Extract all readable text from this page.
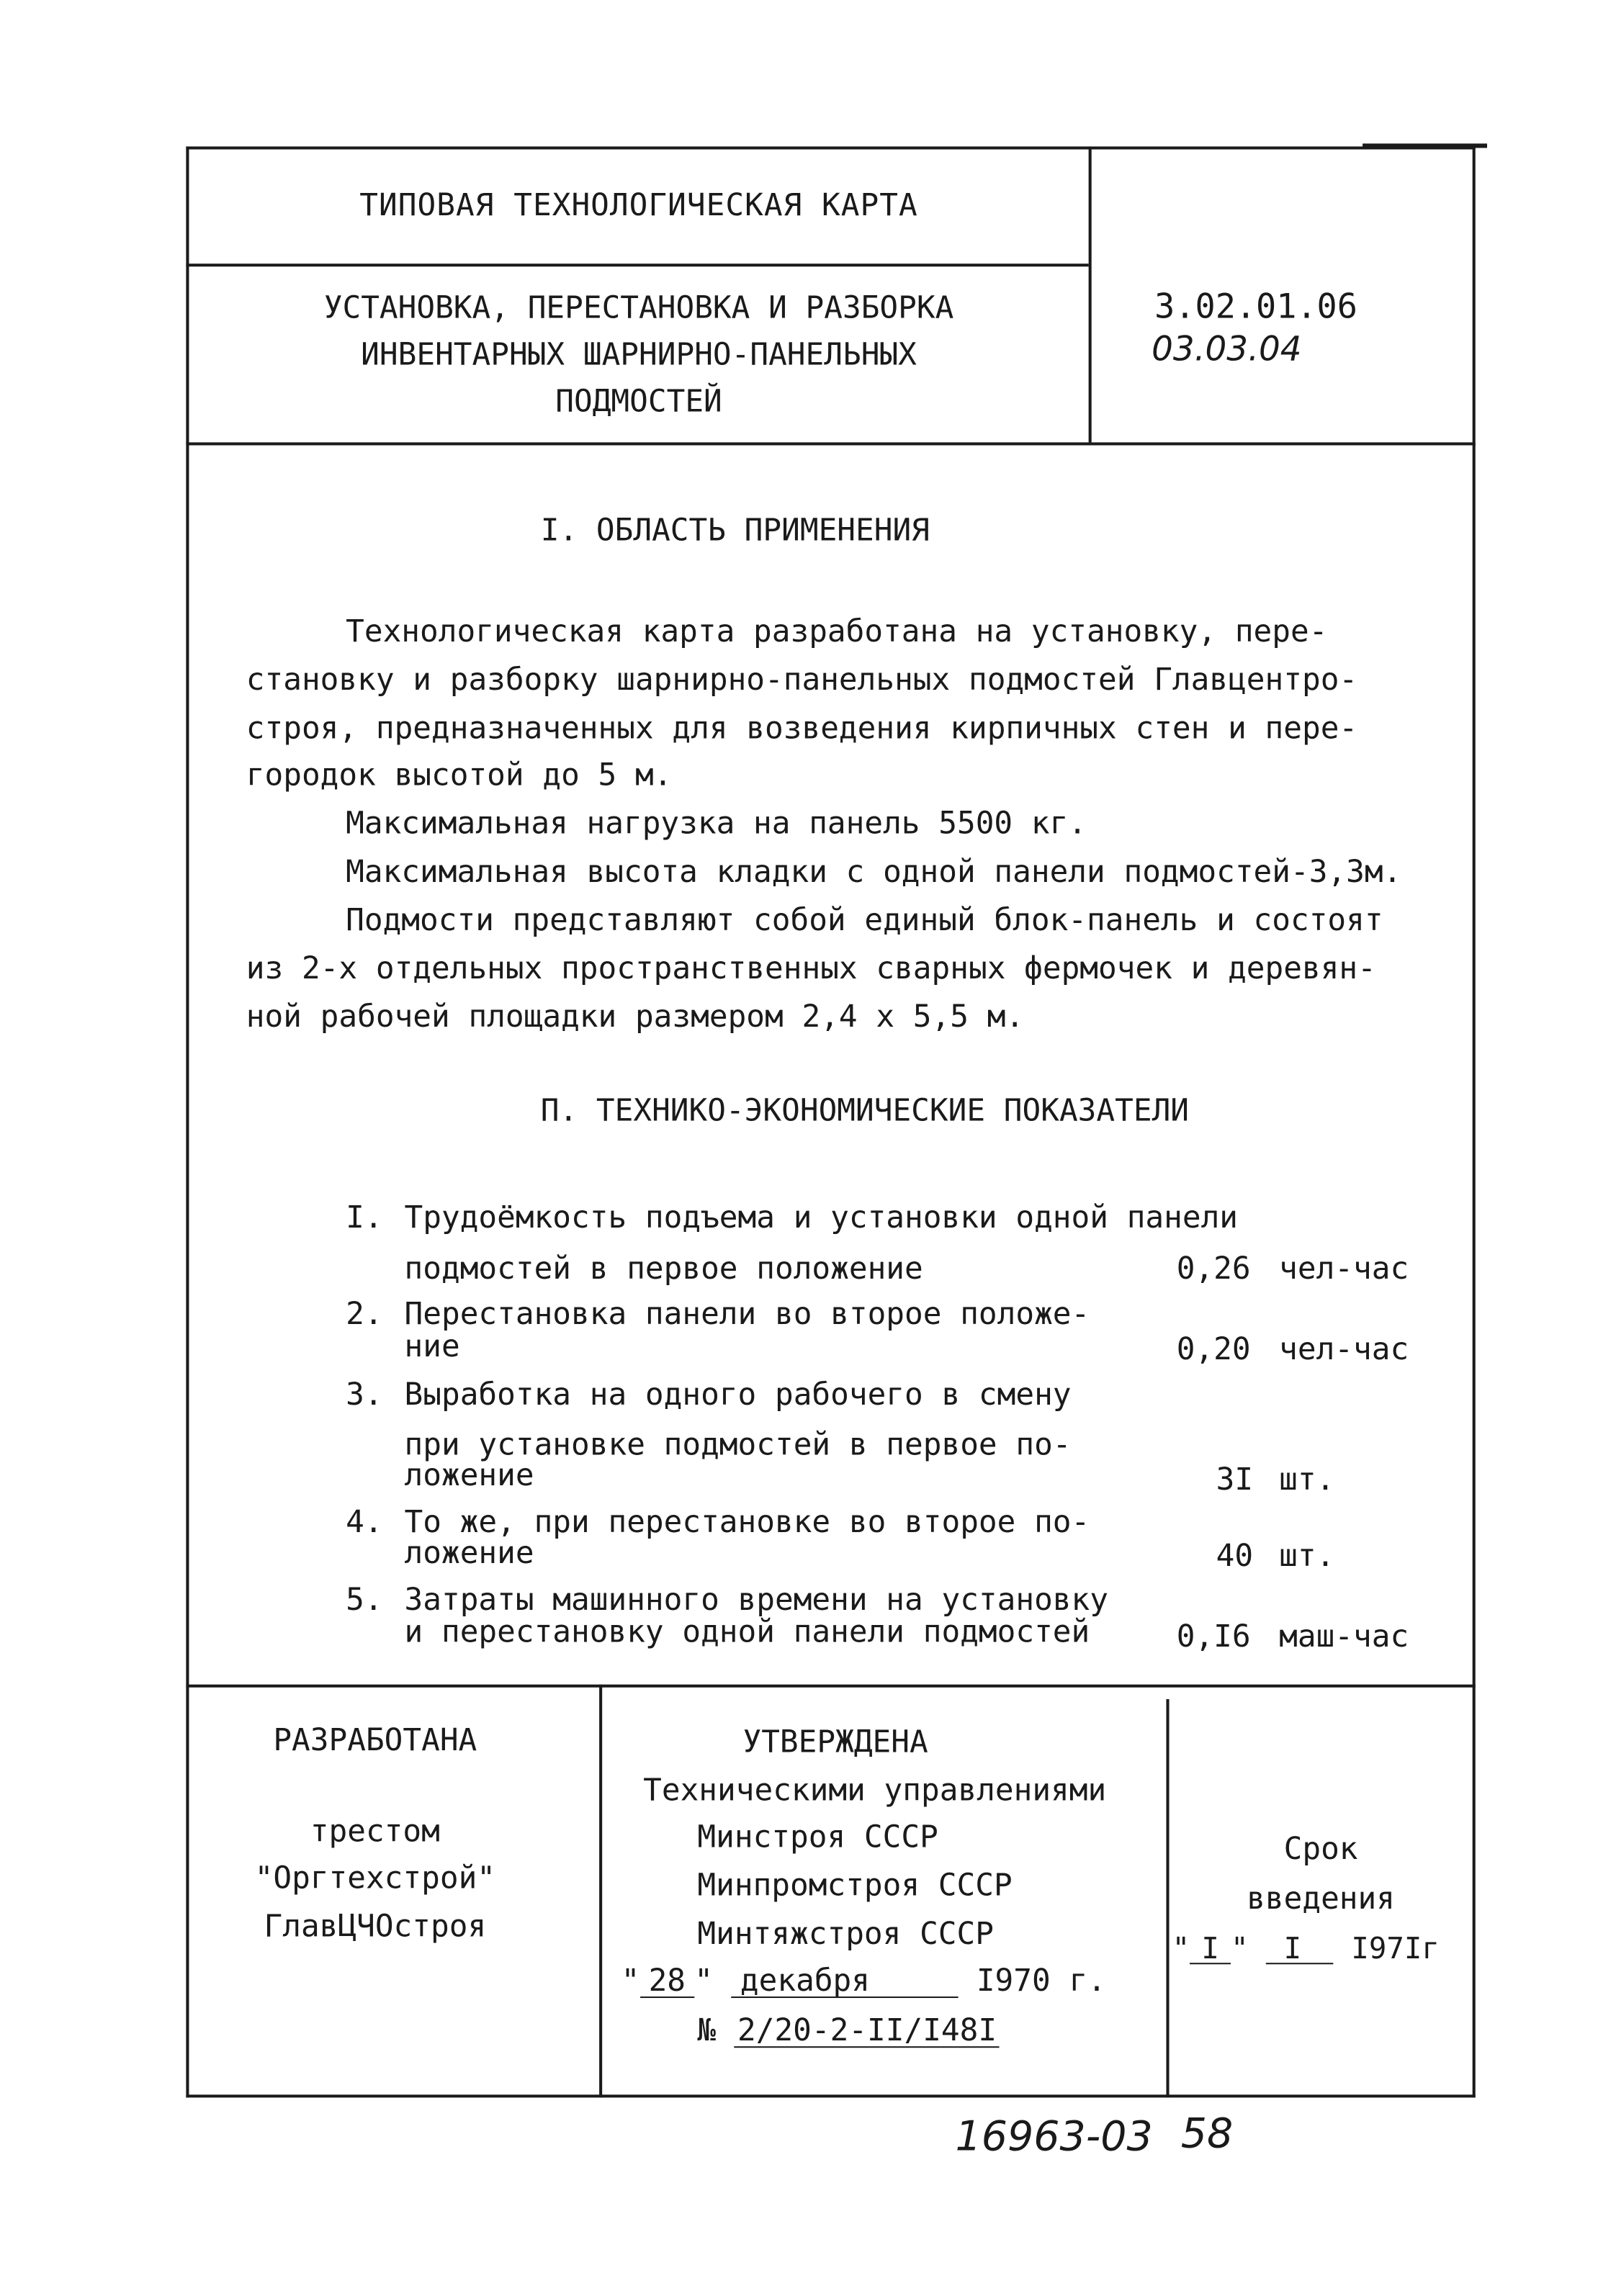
ТИПОВАЯ ТЕХНОЛОГИЧЕСКАЯ КАРТА
УСТАНОВКА, ПЕРЕСТАНОВКА И РАЗБОРКА
ИНВЕНТАРНЫХ ШАРНИРНО-ПАНЕЛЬНЫХ
ПОДМОСТЕЙ
3.02.01.06
03.03.04
I. ОБЛАСТЬ ПРИМЕНЕНИЯ
Технологическая карта разработана на установку, пере-
становку и разборку шарнирно-панельных подмостей Главцентро-
строя, предназначенных для возведения кирпичных стен и пере-
городок высотой до 5 м.
Максимальная нагрузка на панель 5500 кг.
Максимальная высота кладки с одной панели подмостей-3,3м.
Подмости представляют собой единый блок-панель и состоят
из 2-х отдельных пространственных сварных фермочек и деревян-
ной рабочей площадки размером 2,4 х 5,5 м.
П. ТЕХНИКО-ЭКОНОМИЧЕСКИЕ ПОКАЗАТЕЛИ
I. Трудоёмкость подъема и установки одной панели
подмостей в первое положение	0,26 чел-час
2. Перестановка панели во второе положе-
ние	0,20 чел-час
3. Выработка на одного рабочего в смену
при установке подмостей в первое по-
ложение	3I шт.
4. То же, при перестановке во второе по-
ложение	40 шт.
5. Затраты машинного времени на установку
и перестановку одной панели подмостей	0,I6 маш-час
РАЗРАБОТАНА
трестом
"Оргтехстрой"
ГлавЦЧОстроя
УТВЕРЖДЕНА
Техническими управлениями
Минстроя СССР
Минпромстроя СССР
Минтяжстроя СССР
" 28 " декабря	I970 г.
№ 2/20-2-II/I48I
Срок
введения
" I " I	I97Iг
16963-03 58
